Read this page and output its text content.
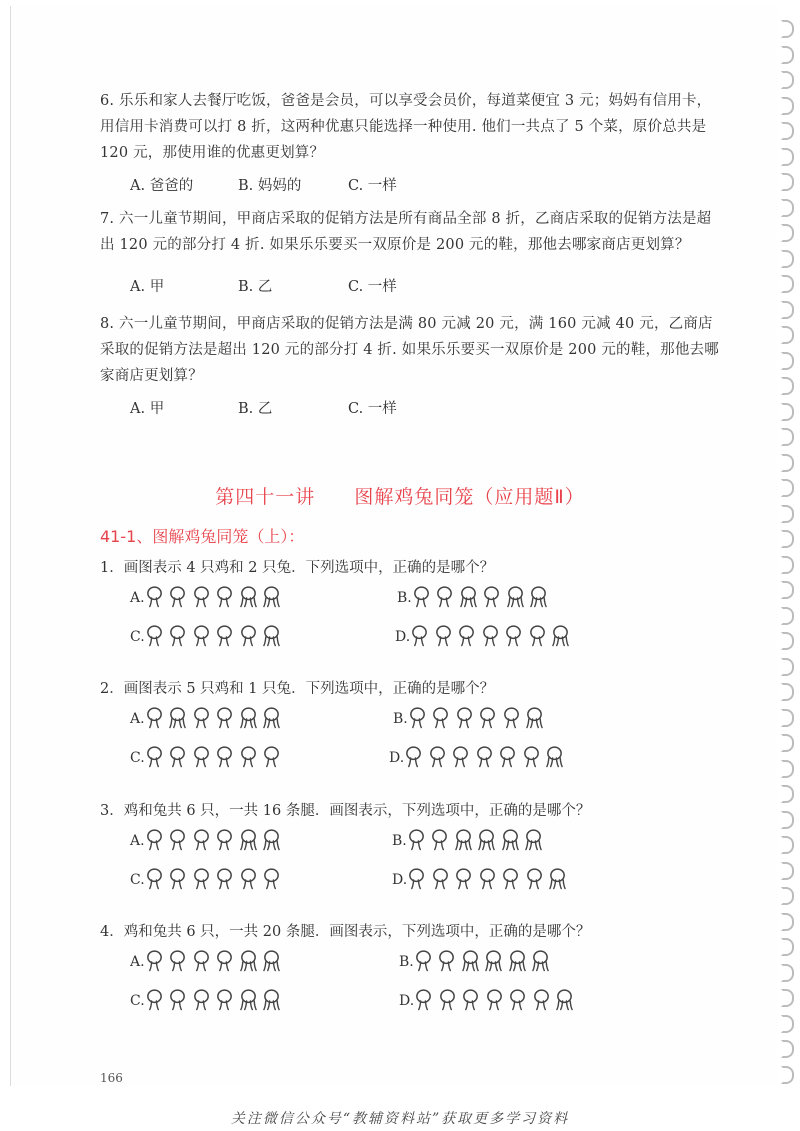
6. 乐乐和家人去餐厅吃饭，爸爸是会员，可以享受会员价，每道菜便宜 3 元；妈妈有信用卡，用信用卡消费可以打 8 折，这两种优惠只能选择一种使用. 他们一共点了 5 个菜，原价总共是 120 元，那使用谁的优惠更划算？
A. 爸爸的	B. 妈妈的	C. 一样
7. 六一儿童节期间，甲商店采取的促销方法是所有商品全部 8 折，乙商店采取的促销方法是超出 120 元的部分打 4 折. 如果乐乐要买一双原价是 200 元的鞋，那他去哪家商店更划算？
A. 甲	B. 乙	C. 一样
8. 六一儿童节期间，甲商店采取的促销方法是满 80 元减 20 元，满 160 元减 40 元，乙商店采取的促销方法是超出 120 元的部分打 4 折. 如果乐乐要买一双原价是 200 元的鞋，那他去哪家商店更划算？
A. 甲	B. 乙	C. 一样
第四十一讲 图解鸡兔同笼（应用题Ⅱ）
41-1、图解鸡兔同笼（上）：
1．画图表示 4 只鸡和 2 只兔．下列选项中，正确的是哪个？
A.	B.
C.	D.
2．画图表示 5 只鸡和 1 只兔．下列选项中，正确的是哪个？
A.	B.
C.	D.
3．鸡和兔共 6 只，一共 16 条腿．画图表示，下列选项中，正确的是哪个？
A.	B.
C.	D.
4．鸡和兔共 6 只，一共 20 条腿．画图表示，下列选项中，正确的是哪个？
A.	B.
C.	D.
166
关注微信公众号“教辅资料站”获取更多学习资料
